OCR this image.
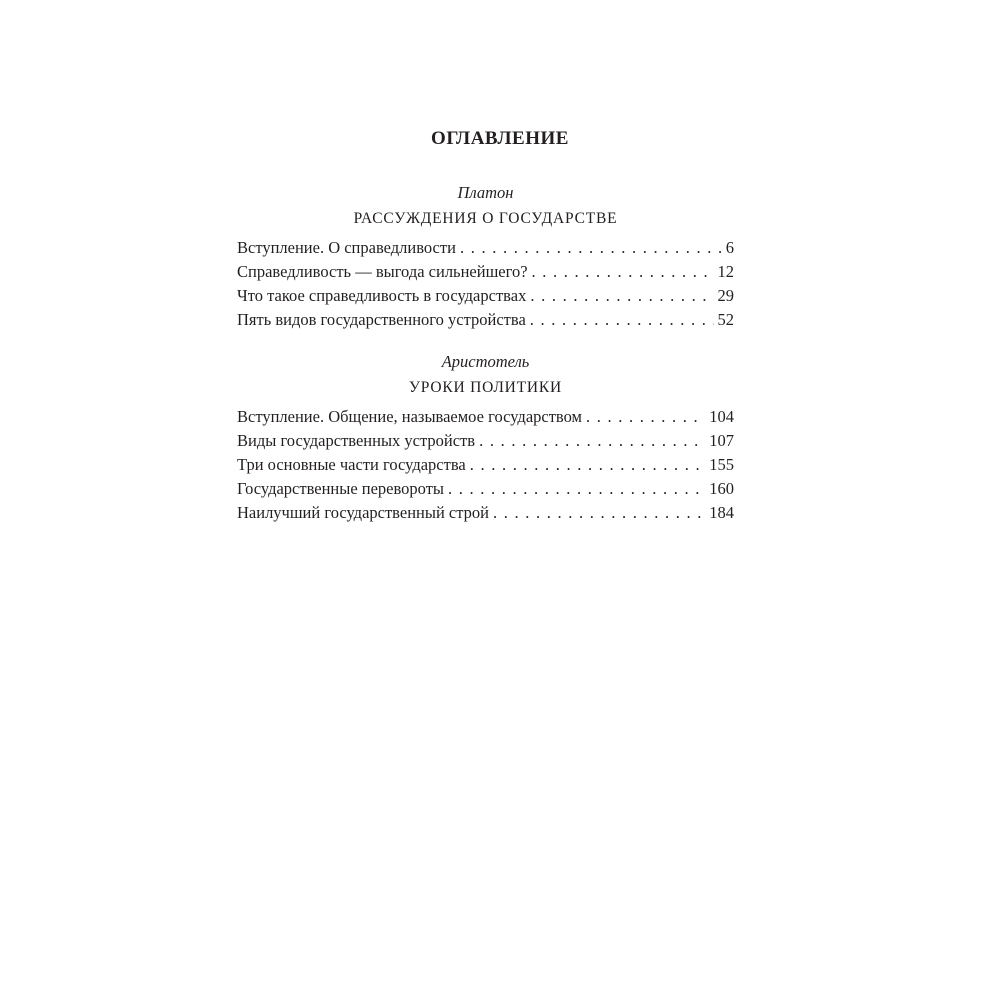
ОГЛАВЛЕНИЕ
Платон
РАССУЖДЕНИЯ О ГОСУДАРСТВЕ
Вступление. О справедливости . . .	6
Справедливость — выгода сильнейшего? . . .	12
Что такое справедливость в государствах . . .	29
Пять видов государственного устройства . . .	52
Аристотель
УРОКИ ПОЛИТИКИ
Вступление. Общение, называемое государством . . .	104
Виды государственных устройств . . .	107
Три основные части государства . . .	155
Государственные перевороты . . .	160
Наилучший государственный строй . . .	184
